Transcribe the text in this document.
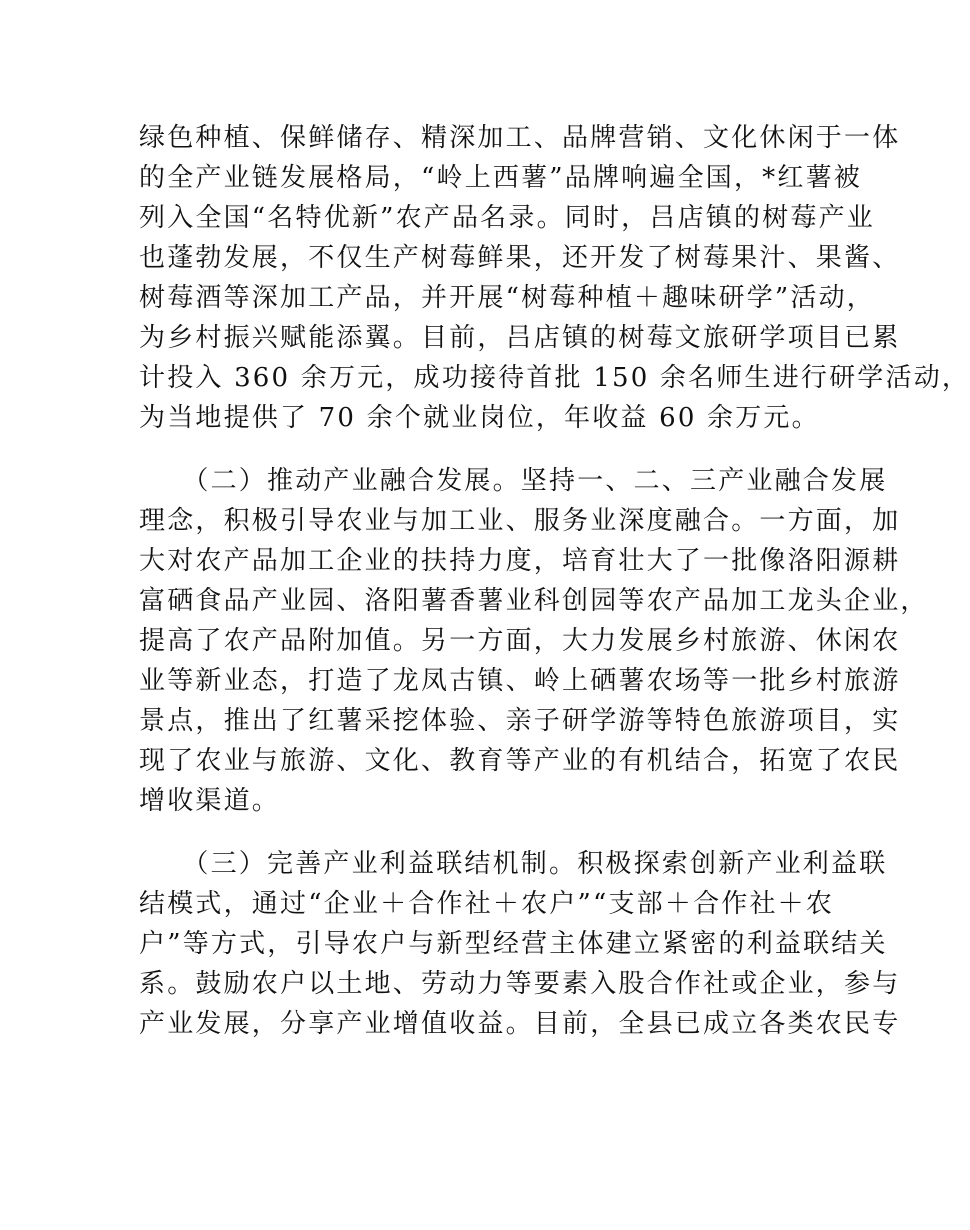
绿色种植、保鲜储存、精深加工、品牌营销、文化休闲于一体
的全产业链发展格局，“岭上西薯”品牌响遍全国，*红薯被
列入全国“名特优新”农产品名录。同时，吕店镇的树莓产业
也蓬勃发展，不仅生产树莓鲜果，还开发了树莓果汁、果酱、
树莓酒等深加工产品，并开展“树莓种植＋趣味研学”活动，
为乡村振兴赋能添翼。目前，吕店镇的树莓文旅研学项目已累
计投入 360 余万元，成功接待首批 150 余名师生进行研学活动，
为当地提供了 70 余个就业岗位，年收益 60 余万元。
　　（二）推动产业融合发展。坚持一、二、三产业融合发展
理念，积极引导农业与加工业、服务业深度融合。一方面，加
大对农产品加工企业的扶持力度，培育壮大了一批像洛阳源耕
富硒食品产业园、洛阳薯香薯业科创园等农产品加工龙头企业，
提高了农产品附加值。另一方面，大力发展乡村旅游、休闲农
业等新业态，打造了龙凤古镇、岭上硒薯农场等一批乡村旅游
景点，推出了红薯采挖体验、亲子研学游等特色旅游项目，实
现了农业与旅游、文化、教育等产业的有机结合，拓宽了农民
增收渠道。
　　（三）完善产业利益联结机制。积极探索创新产业利益联
结模式，通过“企业＋合作社＋农户”“支部＋合作社＋农
户”等方式，引导农户与新型经营主体建立紧密的利益联结关
系。鼓励农户以土地、劳动力等要素入股合作社或企业，参与
产业发展，分享产业增值收益。目前，全县已成立各类农民专
